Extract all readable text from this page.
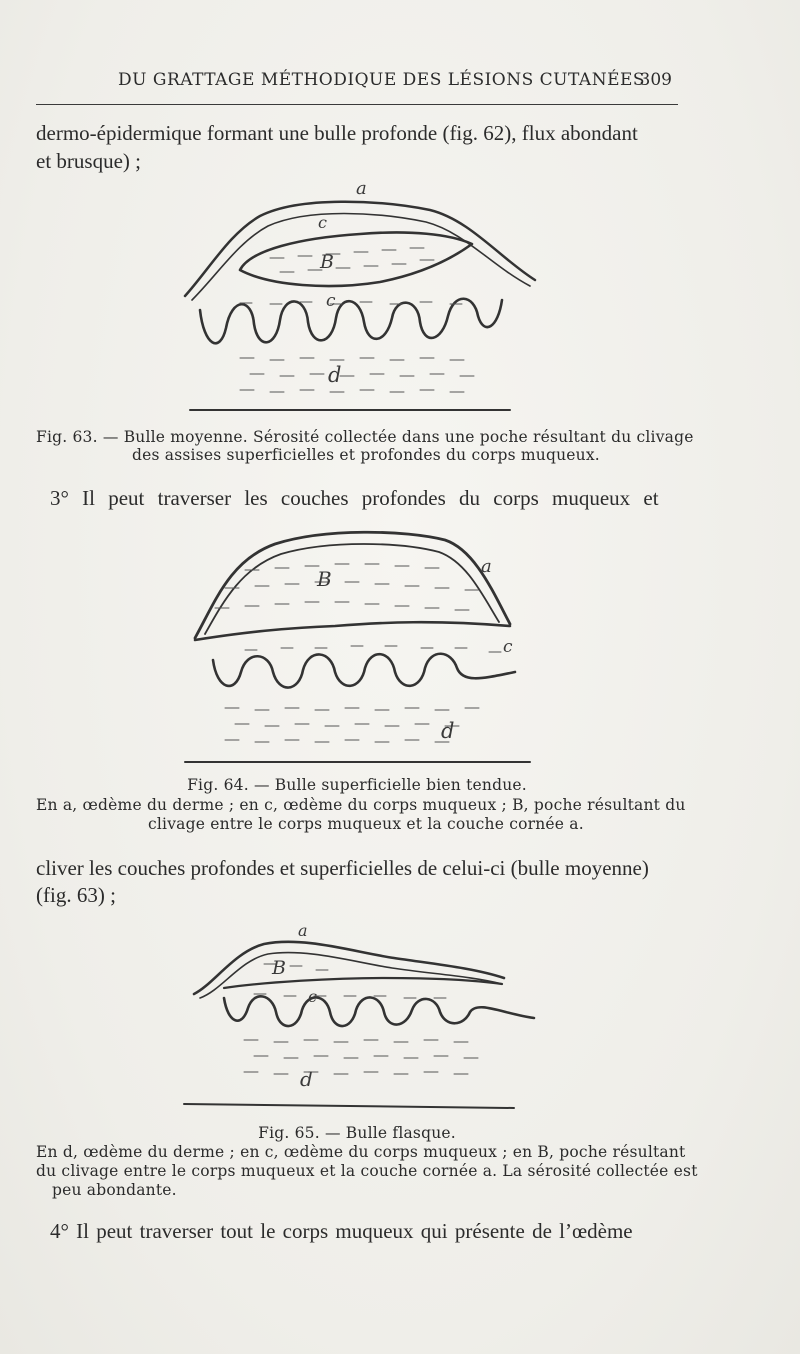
DU GRATTAGE MÉTHODIQUE DES LÉSIONS CUTANÉES
309
dermo-épidermique formant une bulle profonde (fig. 62), flux abondant
et brusque) ;
a
c
B
c
d
Fig. 63. — Bulle moyenne. Sérosité collectée dans une poche résultant du clivage
des assises superficielles et profondes du corps muqueux.
3° Il peut traverser les couches profondes du corps muqueux et
a
B
c
d
Fig. 64. — Bulle superficielle bien tendue.
En a, œdème du derme ; en c, œdème du corps muqueux ; B, poche résultant du
clivage entre le corps muqueux et la couche cornée a.
cliver les couches profondes et superficielles de celui-ci (bulle moyenne)
(fig. 63) ;
a
B
c
d
Fig. 65. — Bulle flasque.
En d, œdème du derme ; en c, œdème du corps muqueux ; en B, poche résultant
du clivage entre le corps muqueux et la couche cornée a. La sérosité collectée est
peu abondante.
4° Il peut traverser tout le corps muqueux qui présente de l’œdème
